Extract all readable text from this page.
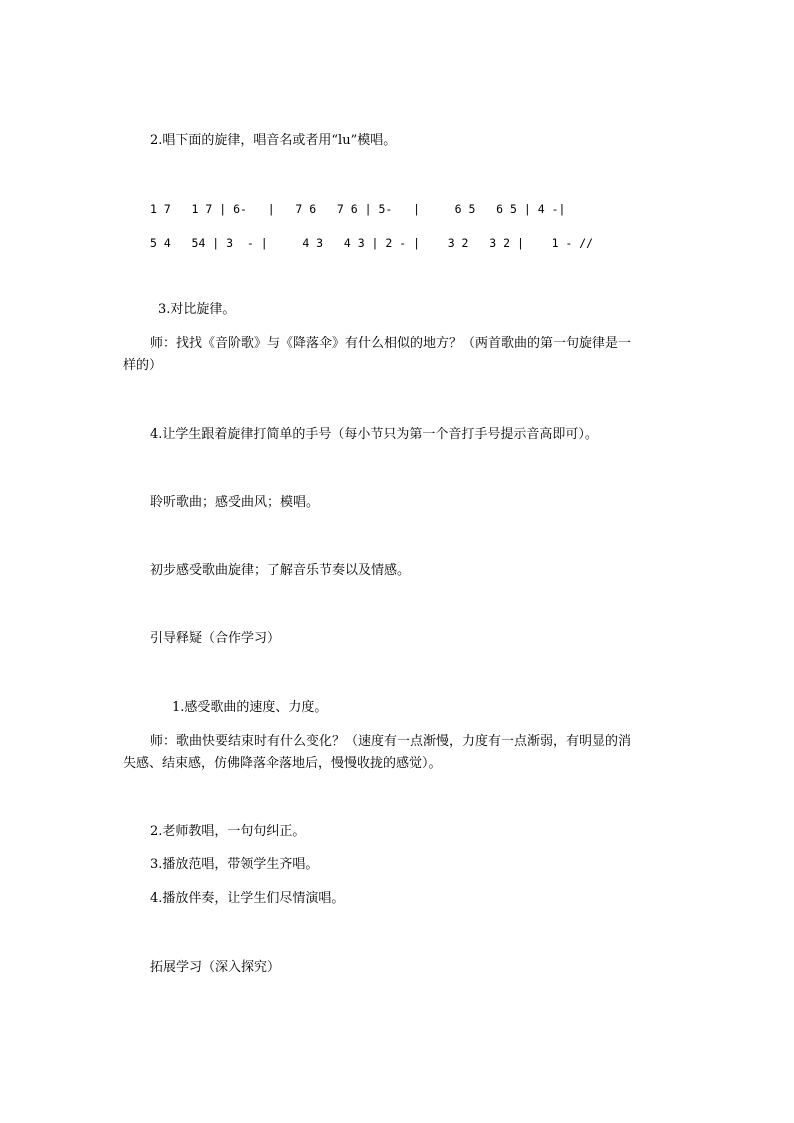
2.唱下面的旋律，唱音名或者用“lu”模唱。
1 7   1 7 | 6-   |   7 6   7 6 | 5-   |     6 5   6 5 | 4 -|
5 4   54 | 3  - |     4 3   4 3 | 2 - |    3 2   3 2 |    1 - //
3.对比旋律。
师：找找《音阶歌》与《降落伞》有什么相似的地方？（两首歌曲的第一句旋律是一
样的）
4.让学生跟着旋律打简单的手号（每小节只为第一个音打手号提示音高即可）。
聆听歌曲；感受曲风；模唱。
初步感受歌曲旋律；了解音乐节奏以及情感。
引导释疑（合作学习）
1.感受歌曲的速度、力度。
师：歌曲快要结束时有什么变化？（速度有一点渐慢，力度有一点渐弱，有明显的消
失感、结束感，仿佛降落伞落地后，慢慢收拢的感觉）。
2.老师教唱，一句句纠正。
3.播放范唱，带领学生齐唱。
4.播放伴奏，让学生们尽情演唱。
拓展学习（深入探究）
